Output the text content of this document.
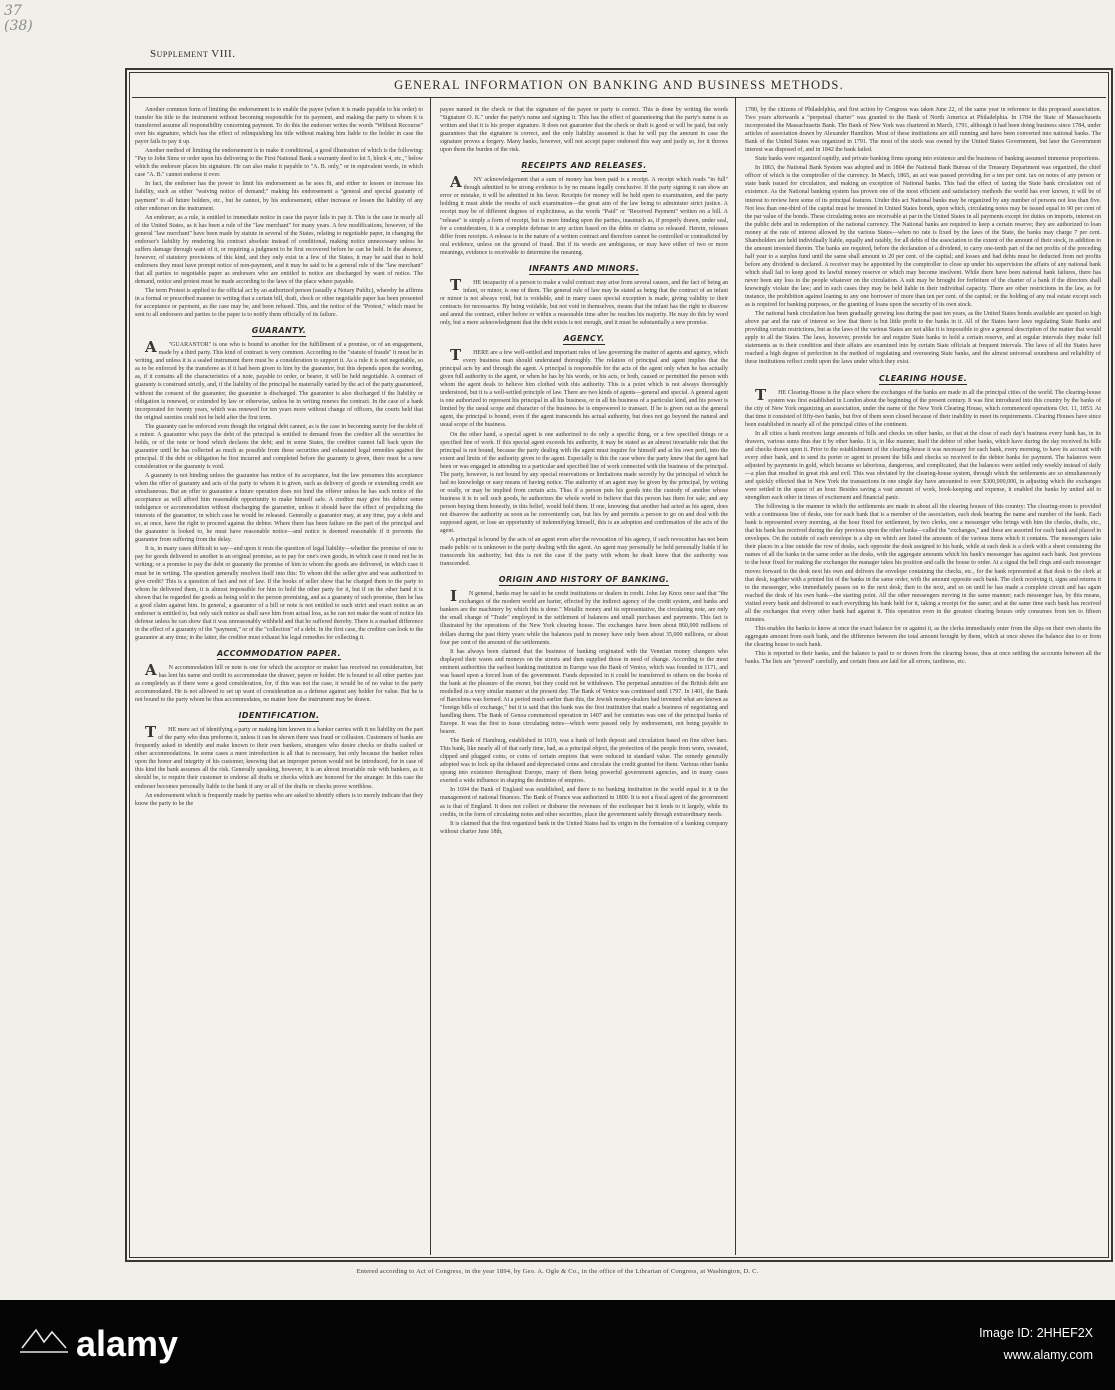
37
(38)
Supplement VIII.
GENERAL INFORMATION ON BANKING AND BUSINESS METHODS.

Another common form of limiting the endorsement is to enable the payee (when it is made payable to his order) to transfer his title to the instrument without becoming responsible for its payment, and making the party to whom it is transferred assume all responsibility concerning payment. To do this the endorser writes the words "Without Recourse" over his signature, which has the effect of relinquishing his title without making him liable to the holder in case the payor fails to pay it up.

Another method of limiting the endorsement is to make it conditional, a good illustration of which is the following: "Pay to John Sims or order upon his delivering to the First National Bank a warranty deed to lot 5, block 4, etc.," below which the endorser places his signature. He can also make it payable to "A. B. only," or in equivalent words, in which case "A. B." cannot endorse it over.

In fact, the endorser has the power to limit his endorsement as he sees fit, and either to lessen or increase his liability, such as either "waiving notice of demand;" making his endorsement a "general and special guaranty of payment" to all future holders, etc., but he cannot, by his endorsement, either increase or lessen the liability of any other endorser on the instrument.

An endorser, as a rule, is entitled to immediate notice in case the payor fails to pay it. This is the case in nearly all of the United States, as it has been a rule of the "law merchant" for many years. A few modifications, however, of the general "law merchant" have been made by statute in several of the States, relating to negotiable paper, in changing the endorser's liability by rendering his contract absolute instead of conditional, making notice unnecessary unless he suffers damage through want of it, or requiring a judgment to be first recovered before he can be held. In the absence, however, of statutory provisions of this kind, and they only exist in a few of the States, it may be said that to hold endorsers they must have prompt notice of non-payment, and it may be said to be a general rule of the "law merchant" that all parties to negotiable paper as endorsers who are entitled to notice are discharged by want of notice. The demand, notice and protest must be made according to the laws of the place where payable.

The term Protest is applied to the official act by an authorized person (usually a Notary Public), whereby he affirms in a formal or prescribed manner in writing that a certain bill, draft, check or other negotiable paper has been presented for acceptance or payment, as the case may be, and been refused. This, and the notice of the "Protest," which must be sent to all endorsers and parties to the paper is to notify them officially of its failure.

GUARANTY.

A"GUARANTOR" is one who is bound to another for the fulfillment of a promise, or of an engagement, made by a third party. This kind of contract is very common. According to the "statute of frauds" it must be in writing, and unless it is a sealed instrument there must be a consideration to support it. As a rule it is not negotiable, so as to be enforced by the transferee as if it had been given to him by the guarantor, but this depends upon the wording, as, if it contains all the characteristics of a note, payable to order, or bearer, it will be held negotiable. A contract of guaranty is construed strictly, and, if the liability of the principal be materially varied by the act of the party guaranteed, without the consent of the guarantor, the guarantor is discharged. The guarantor is also discharged if the liability or obligation is renewed, or extended by law or otherwise, unless he in writing renews the contract. In the case of a bank incorporated for twenty years, which was renewed for ten years more without change of officers, the courts held that the original sureties could not be held after the first term.

The guaranty can be enforced even though the original debt cannot, as is the case in becoming surety for the debt of a minor. A guarantor who pays the debt of the principal is entitled to demand from the creditor all the securities he holds, or of the note or bond which declares the debt; and in some States, the creditor cannot fall back upon the guarantor until he has collected as much as possible from these securities and exhausted legal remedies against the principal. If the debt or obligation be first incurred and completed before the guaranty is given, there must be a new consideration or the guaranty is void.

A guaranty is not binding unless the guarantor has notice of its acceptance, but the law presumes this acceptance when the offer of guaranty and acts of the party to whom it is given, such as delivery of goods or extending credit are simultaneous. But an offer to guarantee a future operation does not bind the offerer unless he has such notice of the acceptance as will afford him reasonable opportunity to make himself safe. A creditor may give his debtor some indulgence or accommodation without discharging the guarantor, unless it should have the effect of prejudicing the interests of the guarantor, in which case he would be released. Generally a guarantor may, at any time, pay a debt and so, at once, have the right to proceed against the debtor. Where there has been failure on the part of the principal and the guarantor is looked to, he must have reasonable notice—and notice is deemed reasonable if it prevents the guarantor from suffering from the delay.

It is, in many cases difficult to say—and upon it rests the question of legal liability—whether the promise of one to pay for goods delivered to another is an original promise, as to pay for one's own goods, in which case it need not be in writing; or a promise to pay the debt or guaranty the promise of him to whom the goods are delivered, in which case it must be in writing. The question generally resolves itself into this: To whom did the seller give and was authorized to give credit? This is a question of fact and not of law. If the books of seller show that he charged them to the party to whom he delivered them, it is almost impossible for him to hold the other party for it, but if on the other hand it is shown that he regarded the goods as being sold to the person promising, and as a guaranty of such promise, then he has a good claim against him. In general, a guarantor of a bill or note is not entitled to such strict and exact notice as an endorser is entitled to, but only such notice as shall save him from actual loss, as he can not make the want of notice his defense unless he can show that it was unreasonably withheld and that he suffered thereby. There is a marked difference in the effect of a guaranty of the "payment," or of the "collection" of a debt. In the first case, the creditor can look to the guarantor at any time; in the latter, the creditor must exhaust his legal remedies for collecting it.

ACCOMMODATION PAPER.

AN accommodation bill or note is one for which the acceptor or maker has received no consideration, but has lent his name and credit to accommodate the drawer, payee or holder. He is bound to all other parties just as completely as if there were a good consideration, for, if this was not the case, it would be of no value to the party accommodated. He is not allowed to set up want of consideration as a defense against any holder for value. But he is not bound to the party whom he thus accommodates, no matter how the instrument may be drawn.

IDENTIFICATION.

THE mere act of identifying a party or making him known to a banker carries with it no liability on the part of the party who thus preforms it, unless it can be shown there was fraud or collusion. Customers of banks are frequently asked to identify and make known to their own bankers, strangers who desire checks or drafts cashed or other accommodations. In some cases a mere introduction is all that is necessary, but only because the banker relies upon the honor and integrity of his customer, knowing that an improper person would not be introduced, for in case of this kind the bank assumes all the risk. Generally speaking, however, it is an almost invariable rule with bankers, as it should be, to require their customer to endorse all drafts or checks which are honored for the stranger. In this case the endorser becomes personally liable to the bank if any or all of the drafts or checks prove worthless.

An endorsement which is frequently made by parties who are asked to identify others is to merely indicate that they know the party to be the

payee named in the check or that the signature of the payee or party is correct. This is done by writing the words "Signature O. K." under the party's name and signing it. This has the effect of guaranteeing that the party's name is as written and that it is his proper signature. It does not guarantee that the check or draft is good or will be paid, but only guarantees that the signature is correct, and the only liability assumed is that he will pay the amount in case the signature proves a forgery. Many banks, however, will not accept paper endorsed this way and justly so, for it throws upon them the burden of the risk.

RECEIPTS AND RELEASES.

ANY acknowledgement that a sum of money has been paid is a receipt. A receipt which reads "in full" though admitted to be strong evidence is by no means legally conclusive. If the party signing it can show an error or mistake, it will be admitted in his favor. Receipts for money will be held open to examination, and the party holding it must abide the results of such examination—the great aim of the law being to administer strict justice. A receipt may be of different degrees of explicitness, as the words "Paid" or "Received Payment" written on a bill. A "release" is simply a form of receipt, but is more binding upon the parties, inasmuch as, if properly drawn, under seal, for a consideration, it is a complete defense to any action based on the debts or claims so released. Herein, releases differ from receipts. A release is in the nature of a written contract and therefore cannot be controlled or contradicted by oral evidence, unless on the ground of fraud. But if its words are ambiguous, or may have either of two or more meanings, evidence is receivable to determine the meaning.

INFANTS AND MINORS.

THE incapacity of a person to make a valid contract may arise from several causes, and the fact of being an infant, or minor, is one of them. The general rule of law may be stated as being that the contract of an infant or minor is not always void, but is voidable, and in many cases special exception is made, giving validity to their contracts for necessaries. By being voidable, but not void in themselves, means that the infant has the right to disavow and annul the contract, either before or within a reasonable time after he reaches his majority. He may do this by word only, but a mere acknowledgment that the debt exists is not enough, and it must be substantially a new promise.

AGENCY.

THERE are a few well-settled and important rules of law governing the matter of agents and agency, which every business man should understand thoroughly. The relation of principal and agent implies that the principal acts by and through the agent. A principal is responsible for the acts of the agent only when he has actually given full authority to the agent, or when he has by his words, or his acts, or both, caused or permitted the person with whom the agent deals to believe him clothed with this authority. This is a point which is not always thoroughly understood, but it is a well-settled principle of law. There are two kinds of agents—general and special. A general agent is one authorized to represent his principal in all his business, or in all his business of a particular kind, and his power is limited by the usual scope and character of the business he is empowered to transact. If he is given out as the general agent, the principal is bound, even if the agent transcends his actual authority, but does not go beyond the natural and usual scope of the business.

On the other hand, a special agent is one authorized to do only a specific thing, or a few specified things or a specified line of work. If this special agent exceeds his authority, it may be stated as an almost invariable rule that the principal is not bound, because the party dealing with the agent must inquire for himself and at his own peril, into the extent and limits of the authority given to the agent. Especially is this the case where the party knew that the agent had been or was engaged in attending to a particular and specified line of work connected with the business of the principal. The party, however, is not bound by any special reservations or limitations made secretly by the principal of which he had no knowledge or easy means of having notice. The authority of an agent may be given by the principal, by writing or orally, or may be implied from certain acts. Thus if a person puts his goods into the custody of another whose business it is to sell such goods, he authorizes the whole world to believe that this person has them for sale; and any person buying them honestly, in this belief, would hold them. If one, knowing that another had acted as his agent, does not disavow the authority as soon as he conveniently can, but lies by and permits a person to go on and deal with the supposed agent, or lose an opportunity of indemnifying himself, this is an adoption and confirmation of the acts of the agent.

A principal is bound by the acts of an agent even after the revocation of his agency, if such revocation has not been made public or is unknown to the party dealing with the agent. An agent may personally be held personally liable if he transcends his authority; but this is not the case if the party with whom he dealt knew that the authority was transcended.

ORIGIN AND HISTORY OF BANKING.

IN general, banks may be said to be credit institutions or dealers in credit. John Jay Knox once said that "the exchanges of the modern world are barter, effected by the indirect agency of the credit system, and banks and bankers are the machinery by which this is done." Metallic money and its representative, the circulating note, are only the small change of "Trade" employed in the settlement of balances and small purchases and payments. This fact is illustrated by the operations of the New York clearing house. The exchanges have been about 860,000 millions of dollars during the past thirty years while the balances paid in money have only been about 35,000 millions, or about four per cent of the amount of the settlements.

It has always been claimed that the business of banking originated with the Venetian money changers who displayed their wares and moneys on the streets and then supplied those in need of change. According to the most eminent authorities the earliest banking institution in Europe was the Bank of Venice, which was founded in 1171, and was based upon a forced loan of the government. Funds deposited in it could be transferred to others on the books of the bank at the pleasure of the owner, but they could not be withdrawn. The perpetual annuities of the British debt are modelled in a very similar manner at the present day. The Bank of Venice was continued until 1797. In 1401, the Bank of Barcelona was formed. At a period much earlier than this, the Jewish money-dealers had invented what are known as "foreign bills of exchange," but it is said that this bank was the first institution that made a business of negotiating and handling them. The Bank of Genoa commenced operation in 1407 and for centuries was one of the principal banks of Europe. It was the first to issue circulating notes—which were passed only by endorsement, not being payable to bearer.

The Bank of Hamburg, established in 1619, was a bank of both deposit and circulation based on fine silver bars. This bank, like nearly all of that early time, had, as a principal object, the protection of the people from worn, sweated, clipped and plugged coins, or coins of certain empires that were reduced in standard value. The remedy generally adopted was to lock up the debased and depreciated coins and circulate the credit granted for them. Various other banks sprang into existence throughout Europe, many of them being powerful government agencies, and in many cases exerted a wide influence in shaping the destinies of empires.

In 1694 the Bank of England was established, and there is no banking institution in the world equal to it in the management of national finances. The Bank of France was authorized in 1800. It is not a fiscal agent of the government as is that of England. It does not collect or disburse the revenues of the exchequer but it lends to it largely, while its credits, in the form of circulating notes and other securities, place the government safely through extraordinary needs.

It is claimed that the first organized bank in the United States had its origin in the formation of a banking company without charter June 18th,

1780, by the citizens of Philadelphia, and first action by Congress was taken June 22, of the same year in reference to this proposed association. Two years afterwards a "perpetual charter" was granted to the Bank of North America at Philadelphia. In 1784 the State of Massachusetts incorporated the Massachusetts Bank. The Bank of New York was chartered in March, 1791, although it had been doing business since 1784, under articles of association drawn by Alexander Hamilton. Most of these institutions are still running and have been converted into national banks. The Bank of the United States was organized in 1791. The most of the stock was owned by the United States Government, but later the Government interest was disposed of, and in 1842 the bank failed.

State banks were organized rapidly, and private banking firms sprang into existence and the business of banking assumed immense proportions.

In 1863, the National Bank System was adopted and in 1864 the National Bank Bureau of the Treasury Department was organized, the chief officer of which is the comptroller of the currency. In March, 1865, an act was passed providing for a ten per cent. tax on notes of any person or state bank issued for circulation, and making an exception of National banks. This had the effect of taxing the State bank circulation out of existence. As the National banking system has proven one of the most efficient and satisfactory methods the world has ever known, it will be of interest to review here some of its principal features. Under this act National banks may be organized by any number of persons not less than five. Not less than one-third of the capital must be invested in United States bonds, upon which, circulating notes may be issued equal to 90 per cent of the par value of the bonds. These circulating notes are receivable at par in the United States in all payments except for duties on imports, interest on the public debt and in redemption of the national currency. The National banks are required to keep a certain reserve; they are authorized to loan money at the rate of interest allowed by the various States—when no rate is fixed by the laws of the State, the banks may charge 7 per cent. Shareholders are held individually liable, equally and ratably, for all debts of the association to the extent of the amount of their stock, in addition to the amount invested therein. The banks are required, before the declaration of a dividend, to carry one-tenth part of the net profits of the preceding half year to a surplus fund until the same shall amount to 20 per cent. of the capital; and losses and bad debts must be deducted from net profits before any dividend is declared. A receiver may be appointed by the comptroller to close up under his supervision the affairs of any national bank which shall fail to keep good its lawful money reserve or which may become insolvent. While there have been national bank failures, there has never been any loss to the people whatever on the circulation. A suit may be brought for forfeiture of the charter of a bank if the directors shall knowingly violate the law; and in such cases they may be held liable in their individual capacity. There are other restrictions in the law, as for instance, the prohibition against loaning to any one borrower of more than ten per cent. of the capital; or the holding of any real estate except such as is required for banking purposes, or the granting of loans upon the security of its own stock.

The national bank circulation has been gradually growing less during the past ten years, as the United States bonds available are quoted so high above par and the rate of interest so low that there is but little profit to the banks in it. All of the States have laws regulating State Banks and providing certain restrictions, but as the laws of the various States are not alike it is impossible to give a general description of the matter that would apply to all the States. The laws, however, provide for and require State banks to hold a certain reserve, and at regular intervals they make full statements as to their condition and their affairs are examined into by certain State officials at frequent intervals. The laws of all the States have reached a high degree of perfection in the method of regulating and overseeing State banks, and the almost universal soundness and reliability of these institutions reflect credit upon the laws under which they exist.

CLEARING HOUSE.

THE Clearing-House is the place where the exchanges of the banks are made in all the principal cities of the world. The clearing-house system was first established in London about the beginning of the present century. It was first introduced into this country by the banks of the city of New York organizing an association, under the name of the New York Clearing House, which commenced operations Oct. 11, 1853. At that time it consisted of fifty-two banks, but five of them soon closed because of their inability to meet its requirements. Clearing Houses have since been established in nearly all of the principal cities of the continent.

In all cities a bank receives large amounts of bills and checks on other banks, so that at the close of each day's business every bank has, in its drawers, various sums thus due it by other banks. It is, in like manner, itself the debtor of other banks, which have during the day received its bills and checks drawn upon it. Prior to the establishment of the clearing-house it was necessary for each bank, every morning, to have its account with every other bank, and to send its porter or agent to present the bills and checks so received to the debtor banks for payment. The balances were adjusted by payments in gold, which became so laborious, dangerous, and complicated, that the balances were settled only weekly instead of daily—a plan that resulted in great risk and evil. This was obviated by the clearing-house system, through which the settlements are so simultaneously and quickly effected that in New York the transactions in one single day have amounted to over $300,000,000, in adjusting which the exchanges were settled in the space of an hour. Besides saving a vast amount of work, book-keeping and expense, it enabled the banks by united aid to strengthen each other in times of excitement and financial panic.

The following is the manner in which the settlements are made in about all the clearing houses of this country: The clearing-room is provided with a continuous line of desks, one for each bank that is a member of the association, each desk bearing the name and number of the bank. Each bank is represented every morning, at the hour fixed for settlement, by two clerks, one a messenger who brings with him the checks, drafts, etc., that his bank has received during the day previous upon the other banks—called the "exchanges," and these are assorted for each bank and placed in envelopes. On the outside of each envelope is a slip on which are listed the amounts of the various items which it contains. The messengers take their places in a line outside the row of desks, each opposite the desk assigned to his bank, while at each desk is a clerk with a sheet containing the names of all the banks in the same order as the desks, with the aggregate amounts which his bank's messenger has against each bank. Just previous to the hour fixed for making the exchanges the manager takes his position and calls the house to order. At a signal the bell rings and each messenger moves forward to the desk next his own and delivers the envelope containing the checks, etc., for the bank represented at that desk to the clerk at that desk, together with a printed list of the banks in the same order, with the amount opposite each bank. The clerk receiving it, signs and returns it to the messenger, who immediately passes on to the next desk; then to the next, and so on until he has made a complete circuit and has again reached the desk of his own bank—the starting point. All the other messengers moving in the same manner; each messenger has, by this means, visited every bank and delivered to each everything his bank held for it, taking a receipt for the same; and at the same time each bank has received all the exchanges that every other bank had against it. This operation even in the greatest clearing houses only consumes from ten to fifteen minutes.

This enables the banks to know at once the exact balance for or against it, as the clerks immediately enter from the slips on their own sheets the aggregate amount from each bank, and the difference between the total amount brought by them, which at once shows the balance due to or from the clearing house to each bank.

This is reported to their banks, and the balance is paid to or drawn from the clearing house, thus at once settling the accounts between all the banks. The lists are "proved" carefully, and certain fines are laid for all errors, tardiness, etc.

Entered according to Act of Congress, in the year 1894, by Geo. A. Ogle & Co., in the office of the Librarian of Congress, at Washington, D. C.
alamy	Image ID: 2HHEF2X
www.alamy.com
